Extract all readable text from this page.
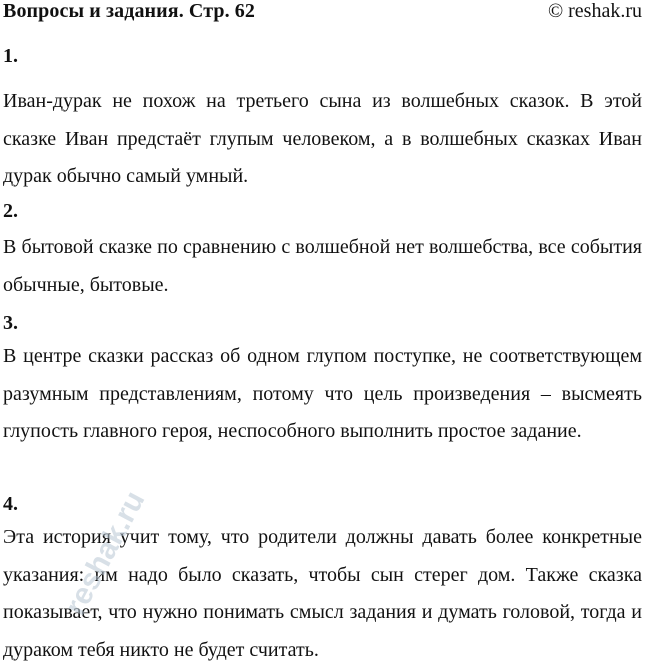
Вопросы и задания. Стр. 62	© reshak.ru
1.

Иван-дурак не похож на третьего сына из волшебных сказок. В этой сказке Иван предстаёт глупым человеком, а в волшебных сказках Иван дурак обычно самый умный.

2.

В бытовой сказке по сравнению с волшебной нет волшебства, все события обычные, бытовые.

3.

В центре сказки рассказ об одном глупом поступке, не соответствующем разумным представлениям, потому что цель произведения – высмеять глупость главного героя, неспособного выполнить простое задание.

4.

Эта история учит тому, что родители должны давать более конкретные указания: им надо было сказать, чтобы сын стерег дом. Также сказка показывает, что нужно понимать смысл задания и думать головой, тогда и дураком тебя никто не будет считать.

reshak.ru
